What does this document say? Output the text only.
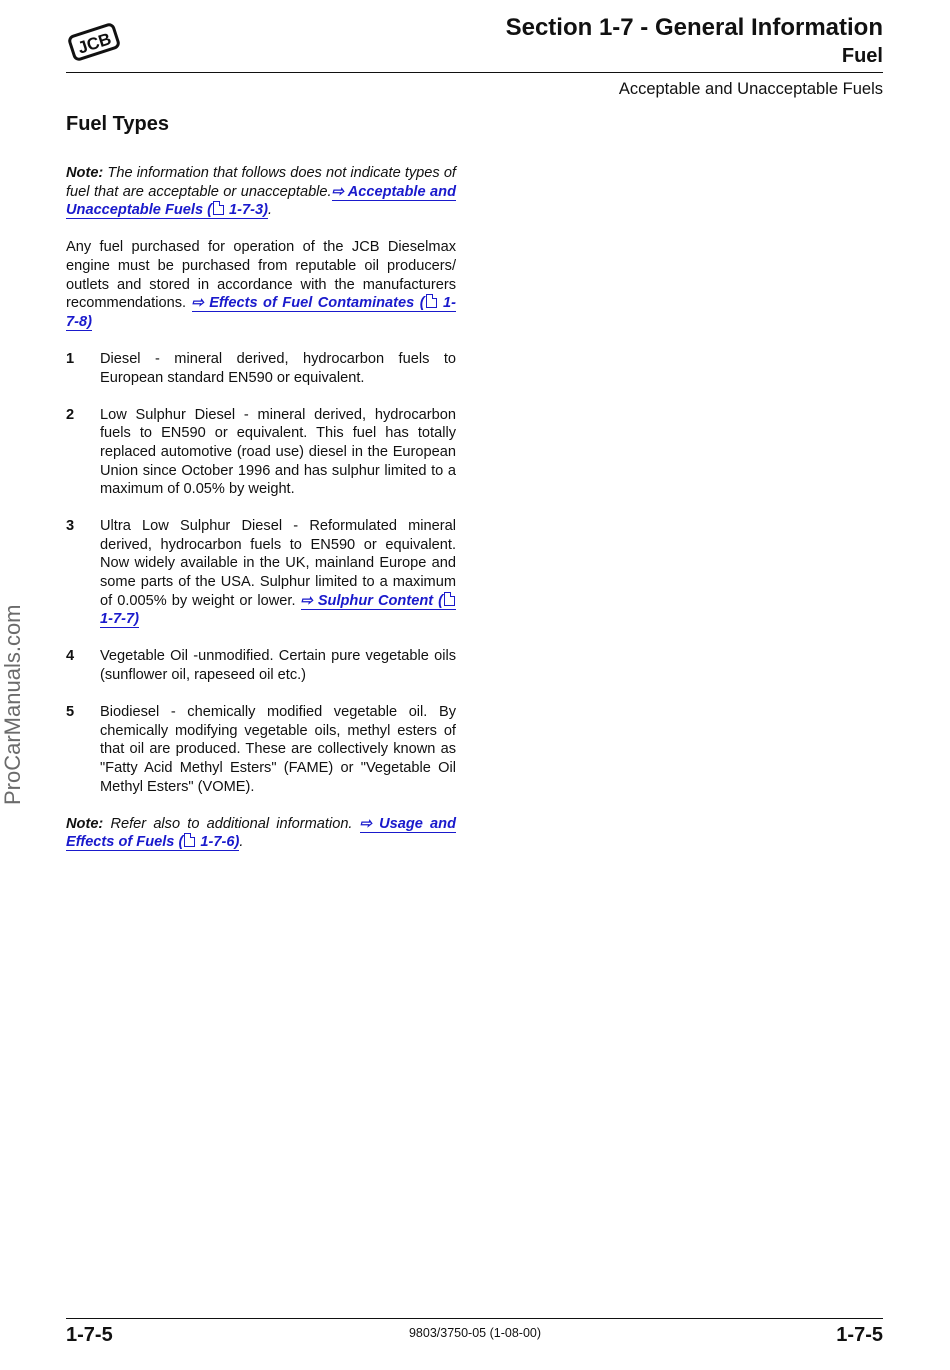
JCB
Section 1-7 - General Information
Fuel
Acceptable and Unacceptable Fuels
ProCarManuals.com
Fuel Types

Note: The information that follows does not indicate types of fuel that are acceptable or unacceptable.⇨ Acceptable and Unacceptable Fuels ( 1-7-3).

Any fuel purchased for operation of the JCB Dieselmax engine must be purchased from reputable oil producers/ outlets and stored in accordance with the manufacturers recommendations. ⇨ Effects of Fuel Contaminates ( 1-7-8)

1	Diesel - mineral derived, hydrocarbon fuels to European standard EN590 or equivalent.
2	Low Sulphur Diesel - mineral derived, hydrocarbon fuels to EN590 or equivalent. This fuel has totally replaced automotive (road use) diesel in the European Union since October 1996 and has sulphur limited to a maximum of 0.05% by weight.
3	Ultra Low Sulphur Diesel - Reformulated mineral derived, hydrocarbon fuels to EN590 or equivalent. Now widely available in the UK, mainland Europe and some parts of the USA. Sulphur limited to a maximum of 0.005% by weight or lower. ⇨ Sulphur Content ( 1-7-7)
4	Vegetable Oil -unmodified. Certain pure vegetable oils (sunflower oil, rapeseed oil etc.)
5	Biodiesel - chemically modified vegetable oil. By chemically modifying vegetable oils, methyl esters of that oil are produced. These are collectively known as "Fatty Acid Methyl Esters" (FAME) or "Vegetable Oil Methyl Esters" (VOME).

Note: Refer also to additional information. ⇨ Usage and Effects of Fuels ( 1-7-6).

1-7-5	9803/3750-05 (1-08-00)	1-7-5
